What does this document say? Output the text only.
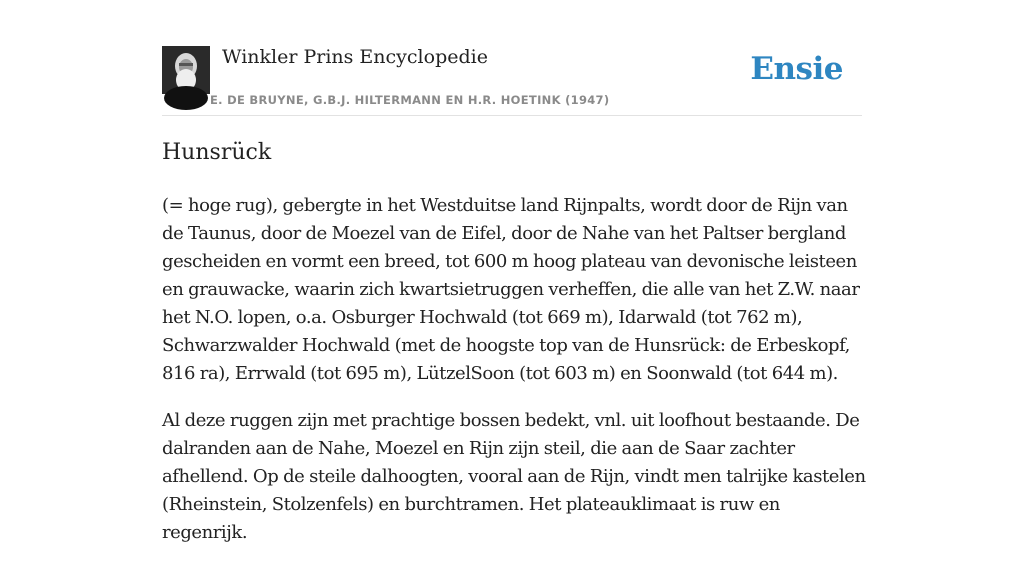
Winkler Prins Encyclopedie
E. DE BRUYNE, G.B.J. HILTERMANN EN H.R. HOETINK (1947)
Ensie
Hunsrück

(= hoge rug), gebergte in het Westduitse land Rijnpalts, wordt door de Rijn van de Taunus, door de Moezel van de Eifel, door de Nahe van het Paltser bergland gescheiden en vormt een breed, tot 600 m hoog plateau van devonische leisteen en grauwacke, waarin zich kwartsietruggen verheffen, die alle van het Z.W. naar het N.O. lopen, o.a. Osburger Hochwald (tot 669 m), Idarwald (tot 762 m), Schwarzwalder Hochwald (met de hoogste top van de Hunsrück: de Erbeskopf, 816 ra), Errwald (tot 695 m), LützelSoon (tot 603 m) en Soonwald (tot 644 m).

Al deze ruggen zijn met prachtige bossen bedekt, vnl. uit loofhout bestaande. De dalranden aan de Nahe, Moezel en Rijn zijn steil, die aan de Saar zachter afhellend. Op de steile dalhoogten, vooral aan de Rijn, vindt men talrijke kastelen (Rheinstein, Stolzenfels) en burchtramen. Het plateauklimaat is ruw en regenrijk.
